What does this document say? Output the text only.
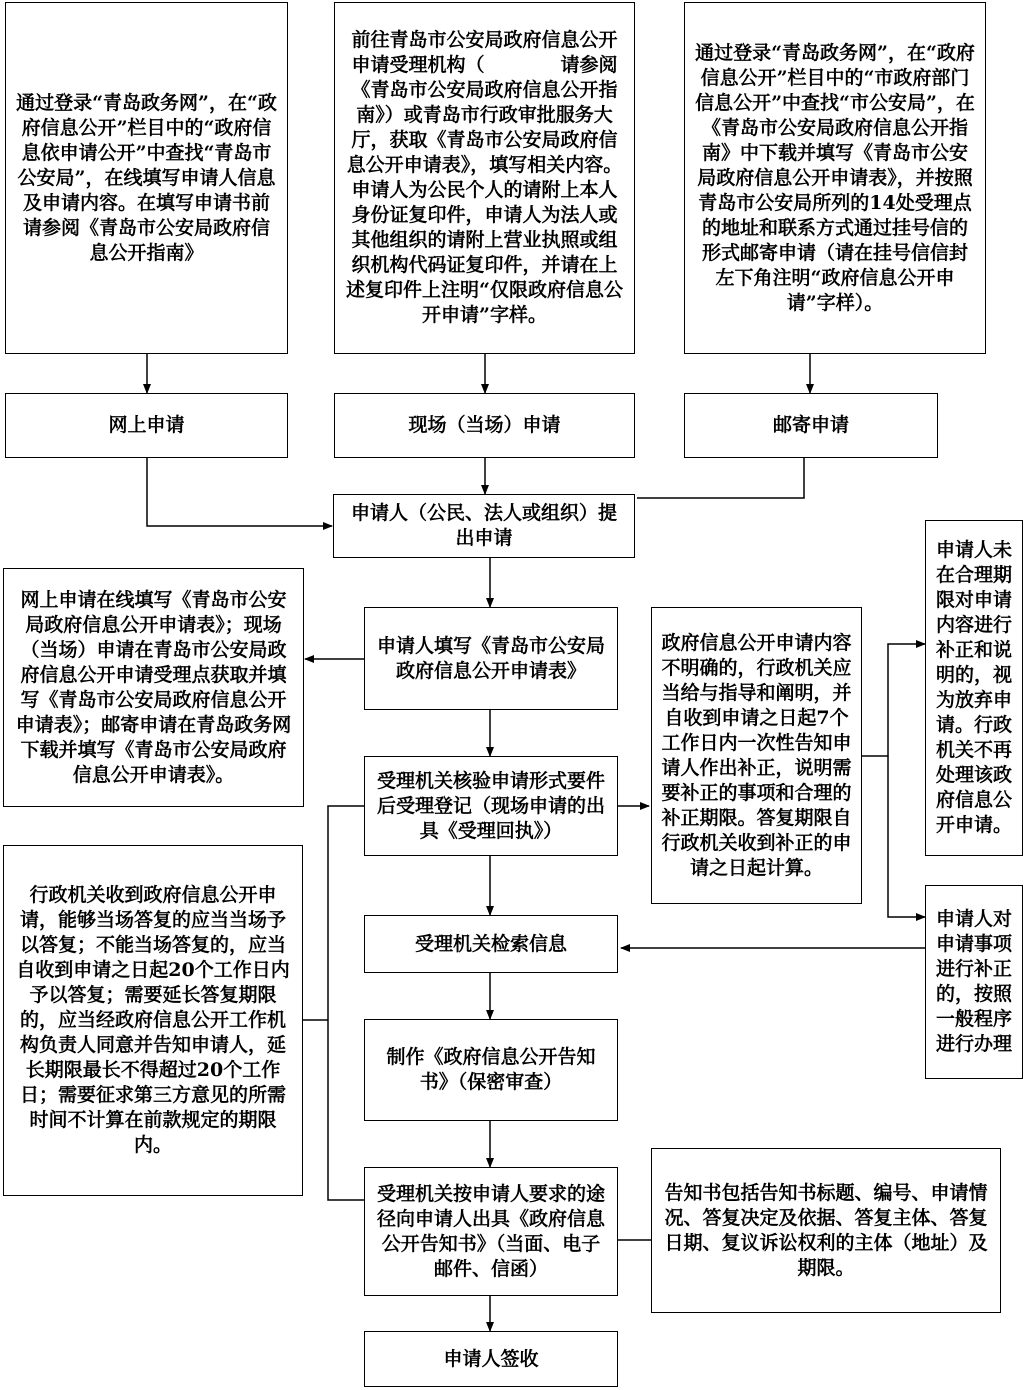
通过登录“青岛政务网”，在“政府信息公开”栏目中的“政府信息依申请公开”中查找“青岛市公安局”，在线填写申请人信息及申请内容。在填写申请书前请参阅《青岛市公安局政府信息公开指南》
前往青岛市公安局政府信息公开申请受理机构（　　　　请参阅《青岛市公安局政府信息公开指南》）或青岛市行政审批服务大厅，获取《青岛市公安局政府信息公开申请表》，填写相关内容。申请人为公民个人的请附上本人身份证复印件，申请人为法人或其他组织的请附上营业执照或组织机构代码证复印件，并请在上述复印件上注明“仅限政府信息公开申请”字样。
通过登录“青岛政务网”，在“政府信息公开”栏目中的“市政府部门信息公开”中查找“市公安局”，在《青岛市公安局政府信息公开指南》中下载并填写《青岛市公安局政府信息公开申请表》，并按照青岛市公安局所列的14处受理点的地址和联系方式通过挂号信的形式邮寄申请（请在挂号信信封左下角注明“政府信息公开申请”字样）。
网上申请	现场（当场）申请	邮寄申请
申请人（公民、法人或组织）提出申请
网上申请在线填写《青岛市公安局政府信息公开申请表》；现场（当场）申请在青岛市公安局政府信息公开申请受理点获取并填写《青岛市公安局政府信息公开申请表》；邮寄申请在青岛政务网下载并填写《青岛市公安局政府信息公开申请表》。
申请人填写《青岛市公安局政府信息公开申请表》
政府信息公开申请内容不明确的，行政机关应当给与指导和阐明，并自收到申请之日起7个工作日内一次性告知申请人作出补正，说明需要补正的事项和合理的补正期限。答复期限自行政机关收到补正的申请之日起计算。
申请人未在合理期限对申请内容进行补正和说明的，视为放弃申请。行政机关不再处理该政府信息公开申请。
受理机关核验申请形式要件后受理登记（现场申请的出具《受理回执》）
行政机关收到政府信息公开申请，能够当场答复的应当当场予以答复；不能当场答复的，应当自收到申请之日起20个工作日内予以答复；需要延长答复期限的，应当经政府信息公开工作机构负责人同意并告知申请人，延长期限最长不得超过20个工作日；需要征求第三方意见的所需时间不计算在前款规定的期限内。
受理机关检索信息
申请人对申请事项进行补正的，按照一般程序进行办理
制作《政府信息公开告知书》（保密审查）
受理机关按申请人要求的途径向申请人出具《政府信息公开告知书》（当面、电子邮件、信函）
告知书包括告知书标题、编号、申请情况、答复决定及依据、答复主体、答复日期、复议诉讼权利的主体（地址）及期限。
申请人签收
